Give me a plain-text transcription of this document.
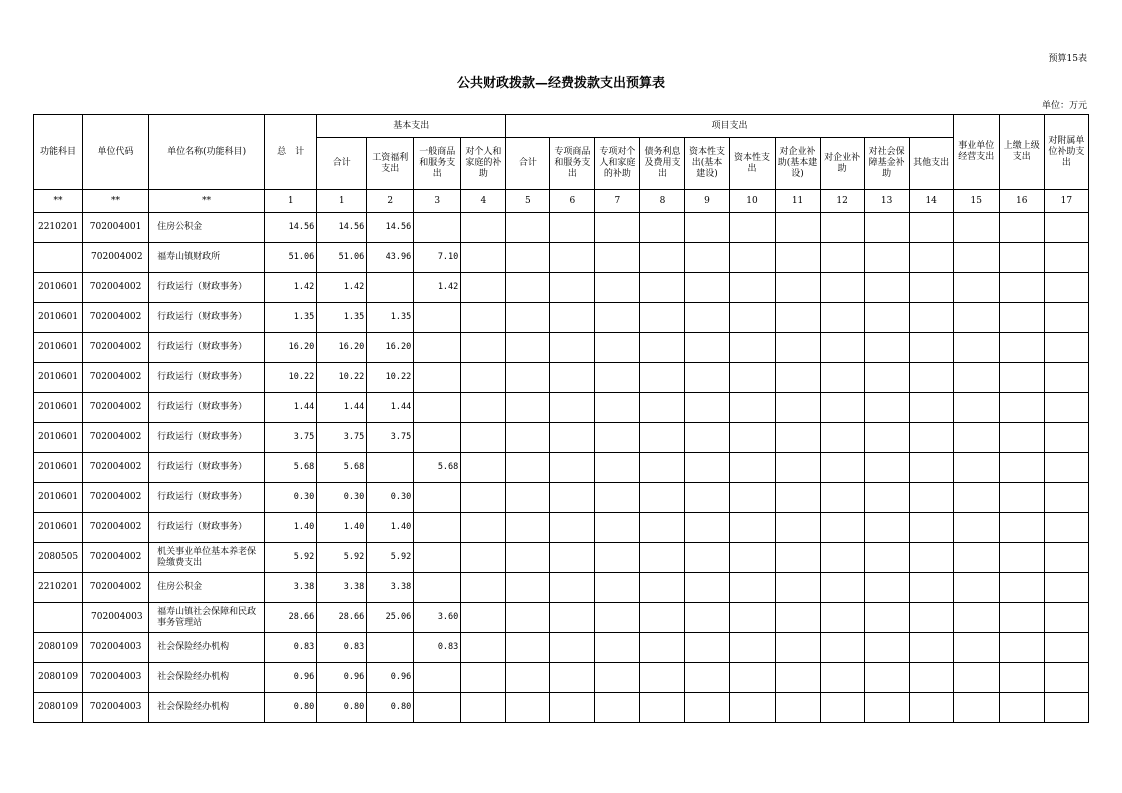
预算15表
公共财政拨款—经费拨款支出预算表
单位：万元
功能科目	单位代码	单位名称(功能科目)	总　计	基本支出				项目支出										事业单位经营支出	上缴上级支出	对附属单位补助支出
				合计	工资福利支出	一般商品和服务支出	对个人和家庭的补助	合计	专项商品和服务支出	专项对个人和家庭的补助	债务利息及费用支出	资本性支出(基本建设)	资本性支出	对企业补助(基本建设)	对企业补助	对社会保障基金补助	其他支出			
**	**	**	1	1	2	3	4	5	6	7	8	9	10	11	12	13	14	15	16	17
2210201	702004001	住房公积金	14.56	14.56	14.56															
	702004002	福寿山镇财政所	51.06	51.06	43.96	7.10														
2010601	702004002	行政运行（财政事务）	1.42	1.42		1.42														
2010601	702004002	行政运行（财政事务）	1.35	1.35	1.35															
2010601	702004002	行政运行（财政事务）	16.20	16.20	16.20															
2010601	702004002	行政运行（财政事务）	10.22	10.22	10.22															
2010601	702004002	行政运行（财政事务）	1.44	1.44	1.44															
2010601	702004002	行政运行（财政事务）	3.75	3.75	3.75															
2010601	702004002	行政运行（财政事务）	5.68	5.68		5.68														
2010601	702004002	行政运行（财政事务）	0.30	0.30	0.30															
2010601	702004002	行政运行（财政事务）	1.40	1.40	1.40															
2080505	702004002	机关事业单位基本养老保险缴费支出	5.92	5.92	5.92															
2210201	702004002	住房公积金	3.38	3.38	3.38															
	702004003	福寿山镇社会保障和民政事务管理站	28.66	28.66	25.06	3.60														
2080109	702004003	社会保险经办机构	0.83	0.83		0.83														
2080109	702004003	社会保险经办机构	0.96	0.96	0.96															
2080109	702004003	社会保险经办机构	0.80	0.80	0.80															
